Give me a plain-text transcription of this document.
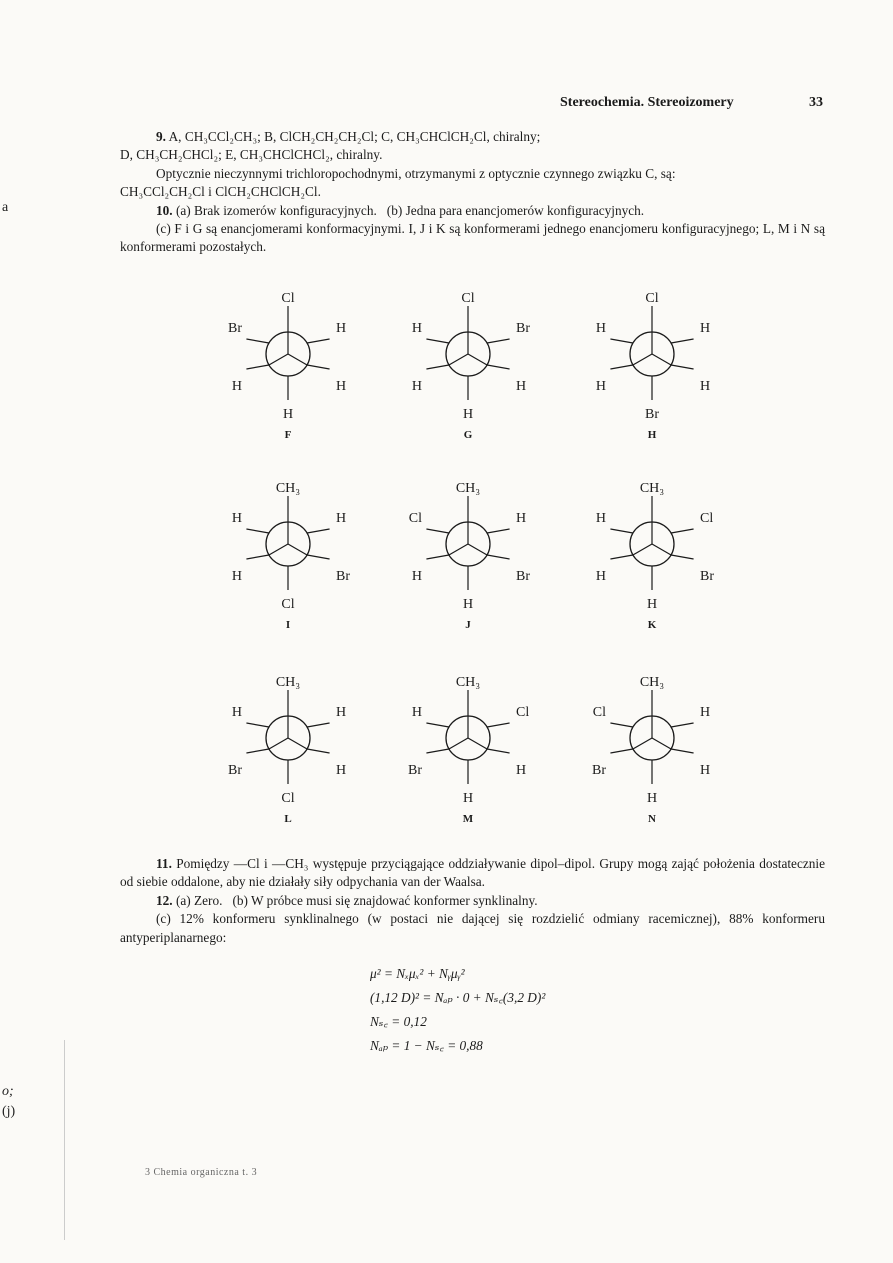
Stereochemia. Stereoizomery	33

9. A, CH₃CCl₂CH₃; B, ClCH₂CH₂CH₂Cl; C, CH₃CHClCH₂Cl, chiralny;

D, CH₃CH₂CHCl₂; E, CH₃CHClCHCl₂, chiralny.

Optycznie nieczynnymi trichloropochodnymi, otrzymanymi z optycznie czynnego związku C, są:

CH₃CCl₂CH₂Cl i ClCH₂CHClCH₂Cl.

10. (a) Brak izomerów konfiguracyjnych. (b) Jedna para enancjomerów konfiguracyjnych.

(c) F i G są enancjomerami konformacyjnymi. I, J i K są konformerami jednego enancjomeru konfiguracyjnego; L, M i N są konformerami pozostałych.

Cl
Br	H
H	H
H
F
Cl
H	Br
H	H
H
G
Cl
H	H
H	H
Br
H
CH₃
H	H
H	Br
Cl
I
CH₃
Cl	H
H	Br
H
J
CH₃
H	Cl
H	Br
H
K
CH₃
H	H
Br	H
Cl
L
CH₃
H	Cl
Br	H
H
M
CH₃
Cl	H
Br	H
H
N

11. Pomiędzy —Cl i —CH₃ występuje przyciągające oddziaływanie dipol–dipol. Grupy mogą zająć położenia dostatecznie od siebie oddalone, aby nie działały siły odpychania van der Waalsa.

12. (a) Zero. (b) W próbce musi się znajdować konformer synklinalny.

(c) 12% konformeru synklinalnego (w postaci nie dającej się rozdzielić odmiany racemicznej), 88% konformeru antyperiplanarnego:

μ² = Nₓμₓ² + Nᵧμᵧ²
(1,12 D)² = Nₐₚ · 0 + Nₛ꜀(3,2 D)²
Nₛ꜀ = 0,12
Nₐₚ = 1 − Nₛ꜀ = 0,88
3 Chemia organiczna t. 3
a
o;
(j)
